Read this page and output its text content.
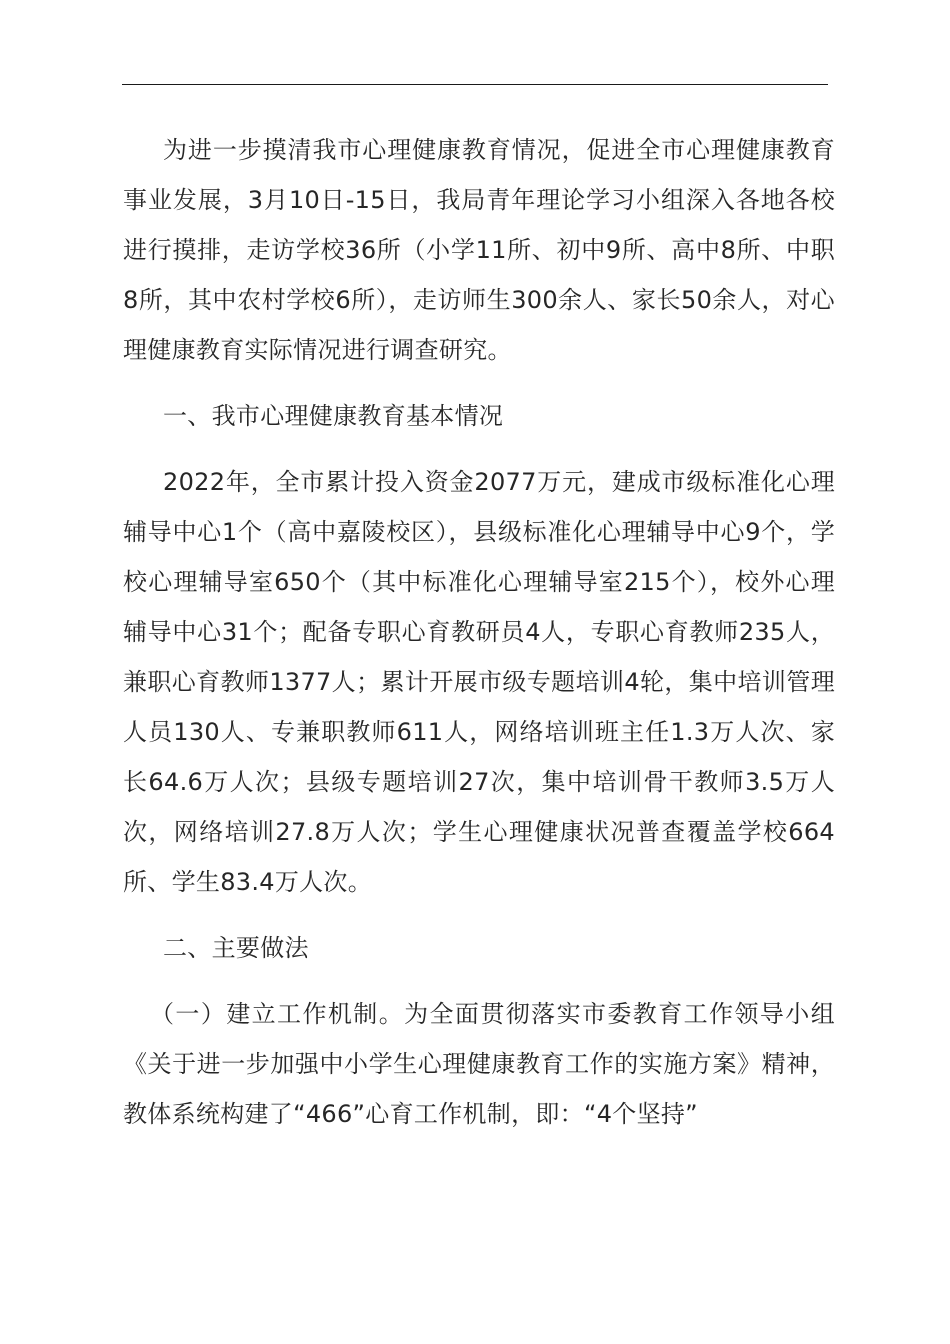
为进一步摸清我市心理健康教育情况，促进全市心理健康教育事业发展，3月10日-15日，我局青年理论学习小组深入各地各校进行摸排，走访学校36所（小学11所、初中9所、高中8所、中职8所，其中农村学校6所），走访师生300余人、家长50余人，对心理健康教育实际情况进行调查研究。

一、我市心理健康教育基本情况

2022年，全市累计投入资金2077万元，建成市级标准化心理辅导中心1个（高中嘉陵校区），县级标准化心理辅导中心9个，学校心理辅导室650个（其中标准化心理辅导室215个），校外心理辅导中心31个；配备专职心育教研员4人，专职心育教师235人，兼职心育教师1377人；累计开展市级专题培训4轮，集中培训管理人员130人、专兼职教师611人，网络培训班主任1.3万人次、家长64.6万人次；县级专题培训27次，集中培训骨干教师3.5万人次，网络培训27.8万人次；学生心理健康状况普查覆盖学校664所、学生83.4万人次。

二、主要做法

（一）建立工作机制。为全面贯彻落实市委教育工作领导小组《关于进一步加强中小学生心理健康教育工作的实施方案》精神，教体系统构建了“466”心育工作机制，即：“4个坚持”
